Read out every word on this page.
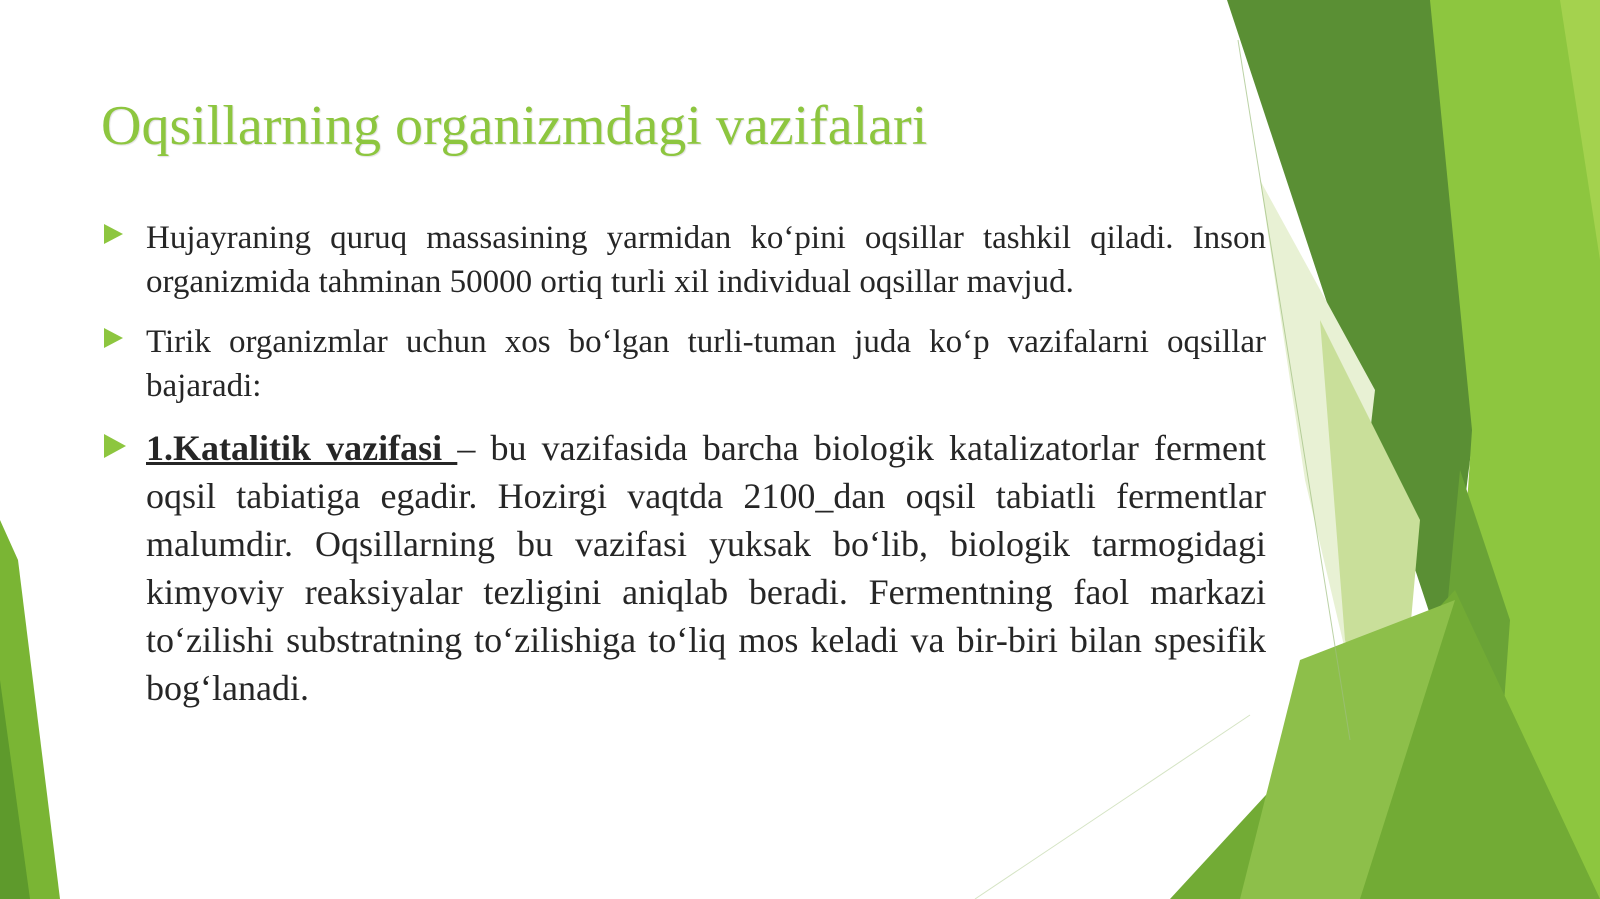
Oqsillarning organizmdagi vazifalari
Hujayraning quruq massasining yarmidan ko‘pini oqsillar tashkil qiladi. Inson organizmida tahminan 50000 ortiq turli xil individual oqsillar mavjud.
Tirik organizmlar uchun xos bo‘lgan turli-tuman juda ko‘p vazifalarni oqsillar bajaradi:
1.Katalitik vazifasi – bu vazifasida barcha biologik katalizatorlar ferment oqsil tabiatiga egadir. Hozirgi vaqtda 2100_dan oqsil tabiatli fermentlar malumdir. Oqsillarning bu vazifasi yuksak bo‘lib, biologik tarmogidagi kimyoviy reaksiyalar tezligini aniqlab beradi. Fermentning faol markazi to‘zilishi substratning to‘zilishiga to‘liq mos keladi va bir-biri bilan spesifik bog‘lanadi.
